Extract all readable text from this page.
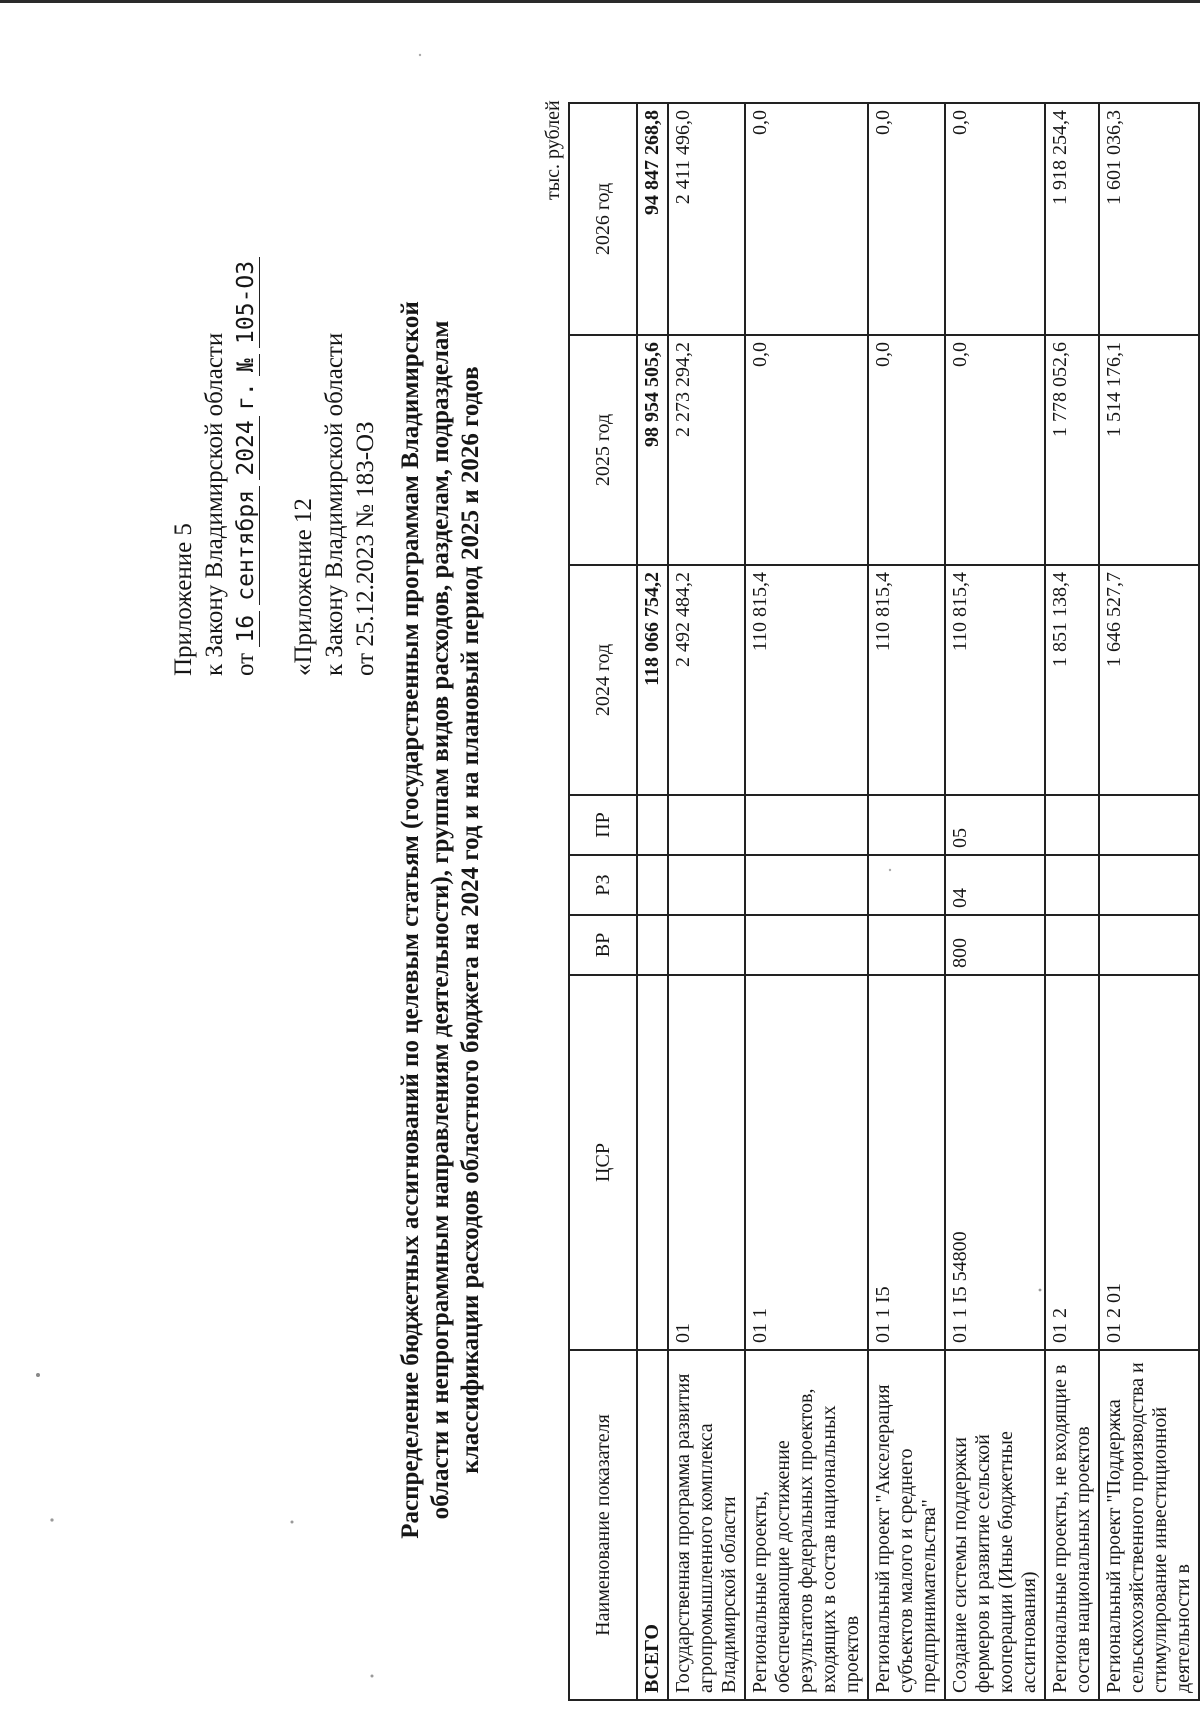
Приложение 5 к Закону Владимирской области от 16 сентября 2024 г. № 105-ОЗ
«Приложение 12 к Закону Владимирской области от 25.12.2023 № 183-ОЗ Распределение бюджетных ассигнований по целевым статьям (государственным программам Владимирской области и непрограммным направлениям деятельности), группам видов расходов, разделам, подразделам классификации расходов областного бюджета на 2024 год и на плановый период 2025 и 2026 годов
тыс. рублей
Наименование показателя	ЦСР	ВР	РЗ	ПР	2024 год	2025 год	2026 год
ВСЕГО					118 066 754,2	98 954 505,6	94 847 268,8
Государственная программа развития агропромышленного комплекса Владимирской области	01				2 492 484,2	2 273 294,2	2 411 496,0
Региональные проекты, обеспечивающие достижение результатов федеральных проектов, входящих в состав национальных проектов	01 1				110 815,4	0,0	0,0
Региональный проект "Акселерация субъектов малого и среднего предпринимательства"	01 1 I5				110 815,4	0,0	0,0
Создание системы поддержки фермеров и развитие сельской кооперации (Иные бюджетные ассигнования)	01 1 I5 54800	800	04	05	110 815,4	0,0	0,0
Региональные проекты, не входящие в состав национальных проектов	01 2				1 851 138,4	1 778 052,6	1 918 254,4
Региональный проект "Поддержка сельскохозяйственного производства и стимулирование инвестиционной деятельности в	01 2 01				1 646 527,7	1 514 176,1	1 601 036,3
